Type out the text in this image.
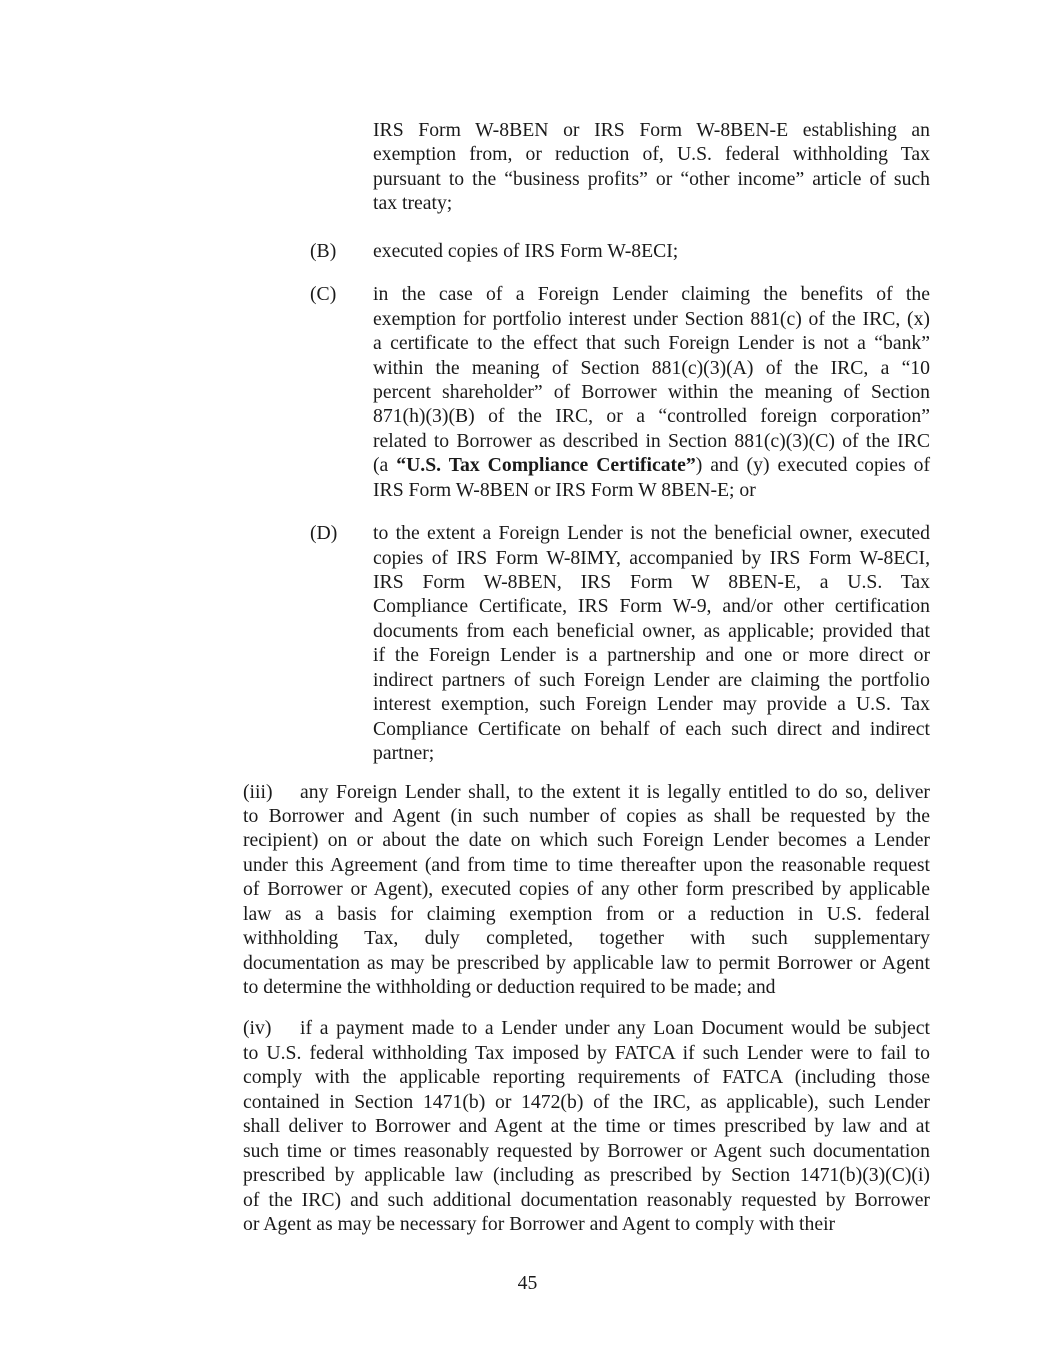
IRS Form W-8BEN or IRS Form W-8BEN-E establishing an
exemption from, or reduction of, U.S. federal withholding Tax
pursuant to the “business profits” or “other income” article of such
tax treaty;
(B) executed copies of IRS Form W-8ECI;
(C) in the case of a Foreign Lender claiming the benefits of the
exemption for portfolio interest under Section 881(c) of the IRC, (x)
a certificate to the effect that such Foreign Lender is not a “bank”
within the meaning of Section 881(c)(3)(A) of the IRC, a “10
percent shareholder” of Borrower within the meaning of Section
871(h)(3)(B) of the IRC, or a “controlled foreign corporation”
related to Borrower as described in Section 881(c)(3)(C) of the IRC
(a “U.S. Tax Compliance Certificate”) and (y) executed copies of
IRS Form W-8BEN or IRS Form W 8BEN-E; or
(D) to the extent a Foreign Lender is not the beneficial owner, executed
copies of IRS Form W-8IMY, accompanied by IRS Form W-8ECI,
IRS Form W-8BEN, IRS Form W 8BEN-E, a U.S. Tax
Compliance Certificate, IRS Form W-9, and/or other certification
documents from each beneficial owner, as applicable; provided that
if the Foreign Lender is a partnership and one or more direct or
indirect partners of such Foreign Lender are claiming the portfolio
interest exemption, such Foreign Lender may provide a U.S. Tax
Compliance Certificate on behalf of each such direct and indirect
partner;
(iii) any Foreign Lender shall, to the extent it is legally entitled to do so, deliver
to Borrower and Agent (in such number of copies as shall be requested by the
recipient) on or about the date on which such Foreign Lender becomes a Lender
under this Agreement (and from time to time thereafter upon the reasonable request
of Borrower or Agent), executed copies of any other form prescribed by applicable
law as a basis for claiming exemption from or a reduction in U.S. federal
withholding Tax, duly completed, together with such supplementary
documentation as may be prescribed by applicable law to permit Borrower or Agent
to determine the withholding or deduction required to be made; and
(iv) if a payment made to a Lender under any Loan Document would be subject
to U.S. federal withholding Tax imposed by FATCA if such Lender were to fail to
comply with the applicable reporting requirements of FATCA (including those
contained in Section 1471(b) or 1472(b) of the IRC, as applicable), such Lender
shall deliver to Borrower and Agent at the time or times prescribed by law and at
such time or times reasonably requested by Borrower or Agent such documentation
prescribed by applicable law (including as prescribed by Section 1471(b)(3)(C)(i)
of the IRC) and such additional documentation reasonably requested by Borrower
or Agent as may be necessary for Borrower and Agent to comply with their
45
